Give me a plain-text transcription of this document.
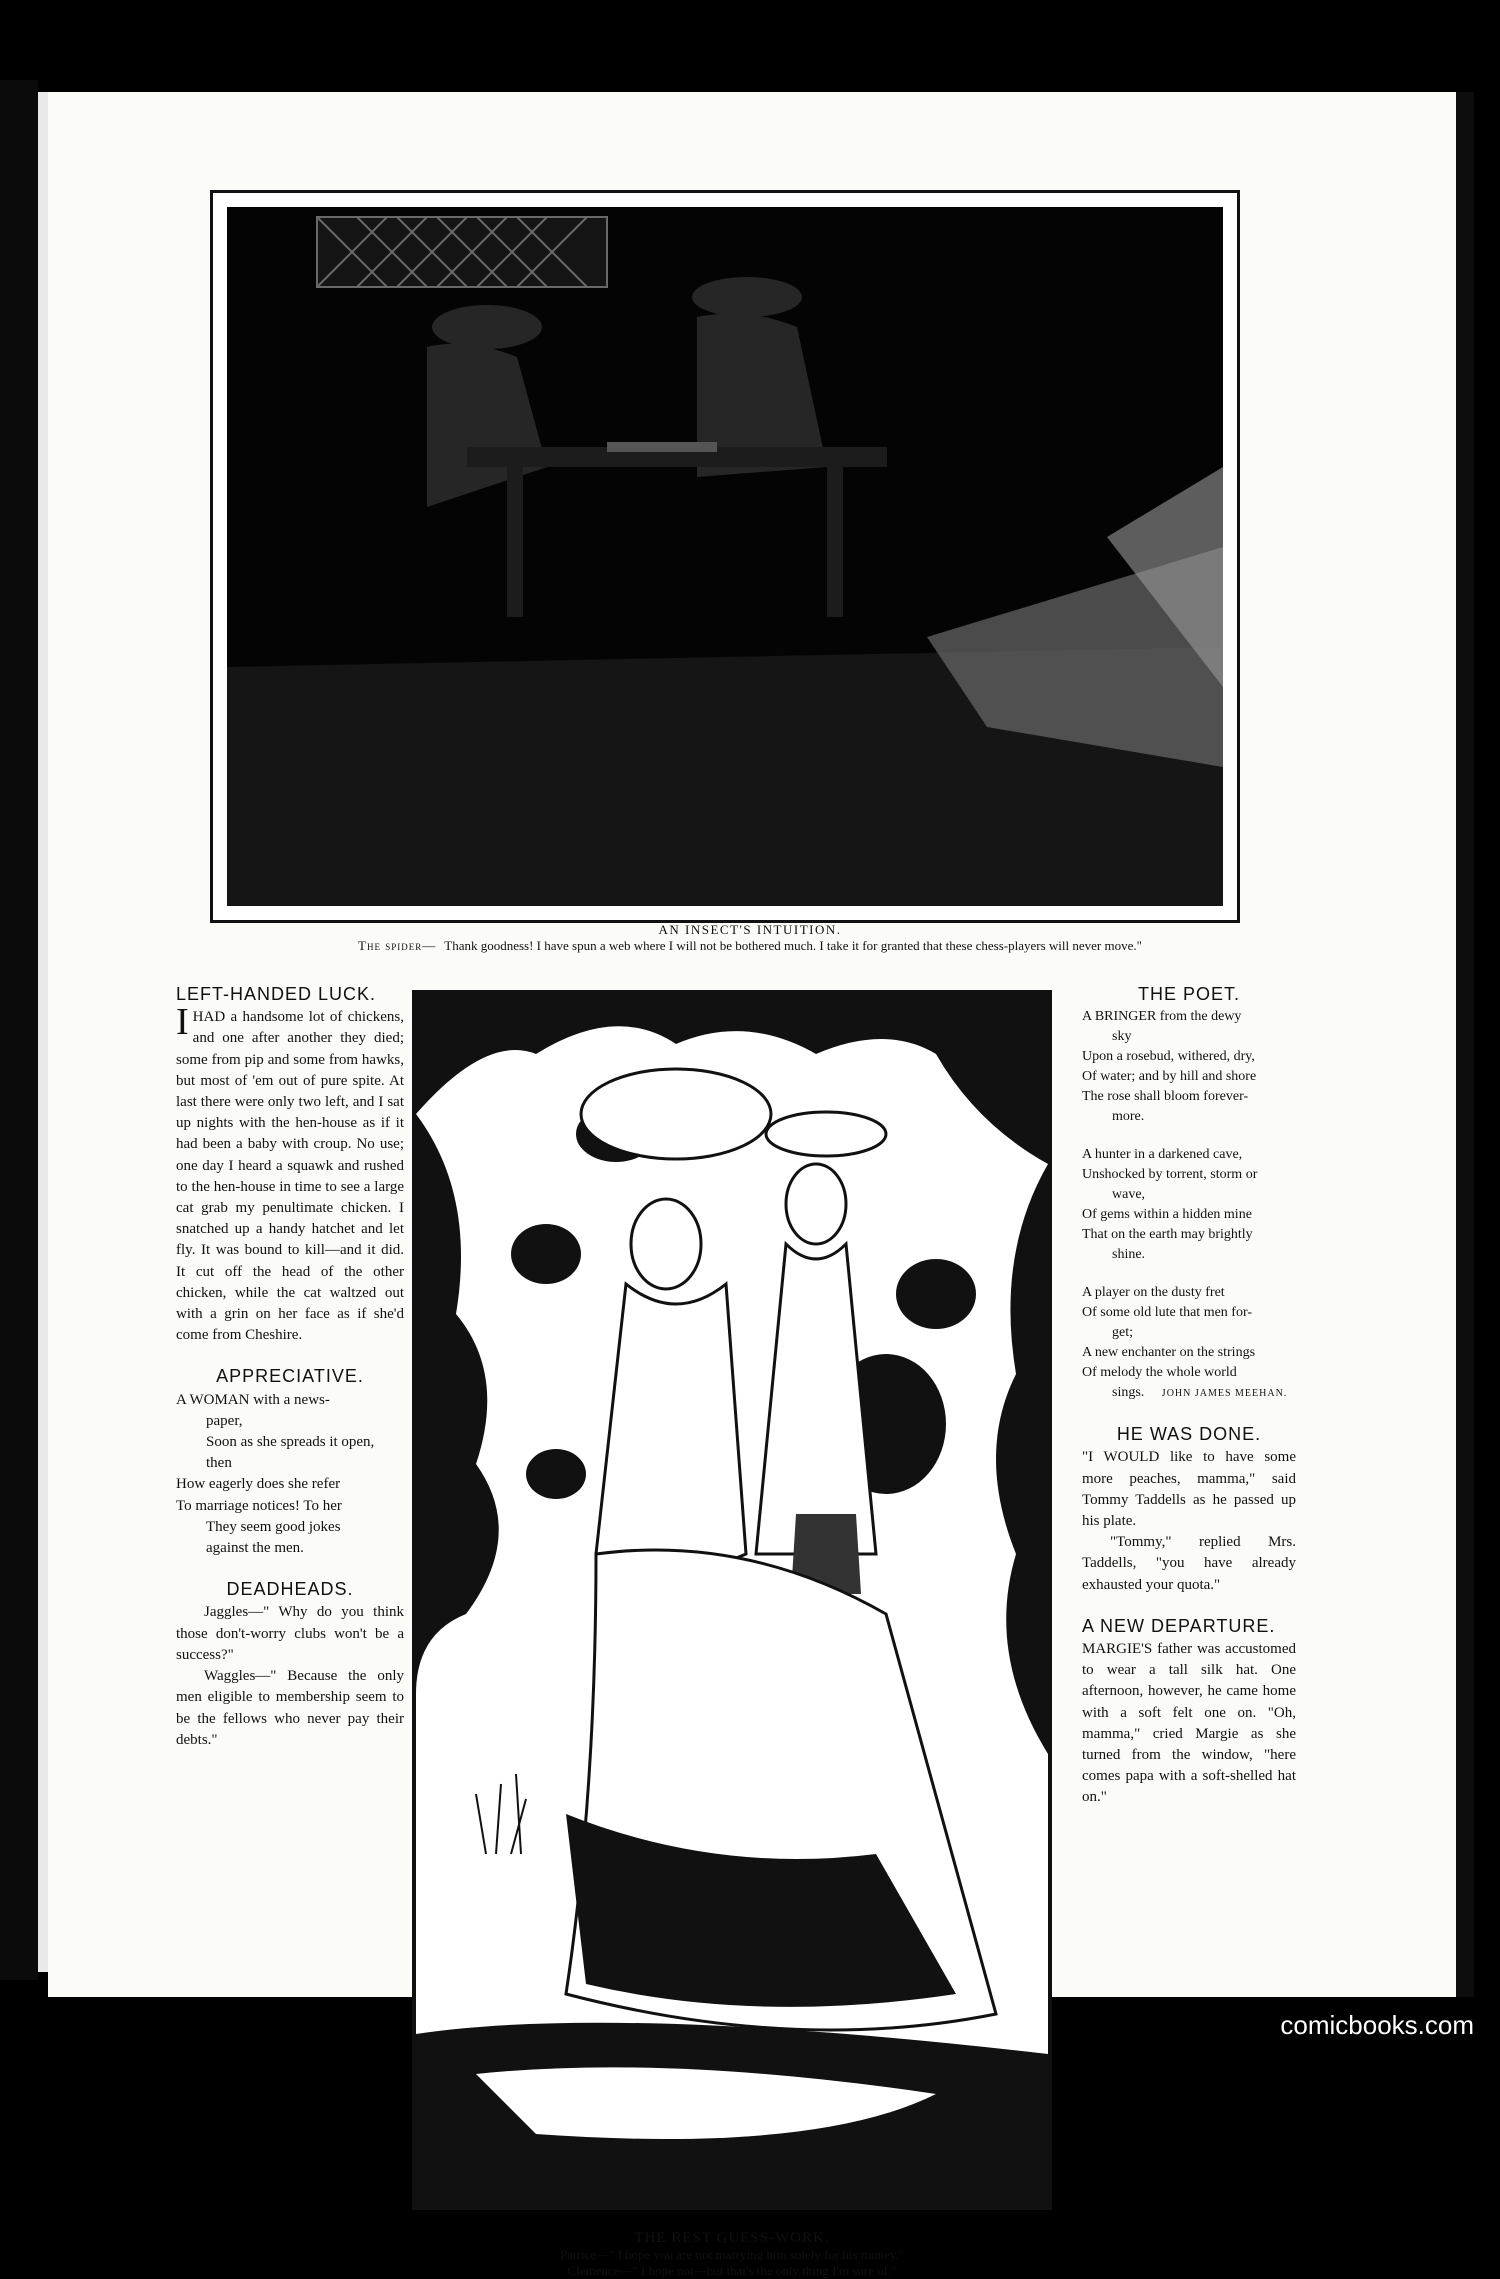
AN INSECT'S INTUITION.
The spider— Thank goodness! I have spun a web where I will not be bothered much. I take it for granted that these chess-players will never move."
LEFT-HANDED LUCK.

IHAD a handsome lot of chickens, and one after another they died; some from pip and some from hawks, but most of 'em out of pure spite. At last there were only two left, and I sat up nights with the hen-house as if it had been a baby with croup. No use; one day I heard a squawk and rushed to the hen-house in time to see a large cat grab my penultimate chicken. I snatched up a handy hatchet and let fly. It was bound to kill—and it did. It cut off the head of the other chicken, while the cat waltzed out with a grin on her face as if she'd come from Cheshire.

APPRECIATIVE.
A WOMAN with a news-
paper,
Soon as she spreads it open,
then
How eagerly does she refer
To marriage notices! To her
They seem good jokes
against the men.
DEADHEADS.

Jaggles—" Why do you think those don't-worry clubs won't be a success?"

Waggles—" Because the only men eligible to membership seem to be the fellows who never pay their debts."

PENRHYN STANLAWS.
THE REST GUESS-WORK.
Patrice—" I hope you are not marrying him solely for his money."
Clemence—" I hope not—but that's the only thing I'm sure of."
THE POET.
A BRINGER from the dewy
sky
Upon a rosebud, withered, dry,
Of water; and by hill and shore
The rose shall bloom forever-
more.
A hunter in a darkened cave,
Unshocked by torrent, storm or
wave,
Of gems within a hidden mine
That on the earth may brightly
shine.
A player on the dusty fret
Of some old lute that men for-
get;
A new enchanter on the strings
Of melody the whole world
sings. JOHN JAMES MEEHAN.
HE WAS DONE.

"I WOULD like to have some more peaches, mamma," said Tommy Taddells as he passed up his plate.

"Tommy," replied Mrs. Taddells, "you have already exhausted your quota."

A NEW DEPARTURE.

MARGIE'S father was accustomed to wear a tall silk hat. One afternoon, however, he came home with a soft felt one on. "Oh, mamma," cried Margie as she turned from the window, "here comes papa with a soft-shelled hat on."

comicbooks.com
